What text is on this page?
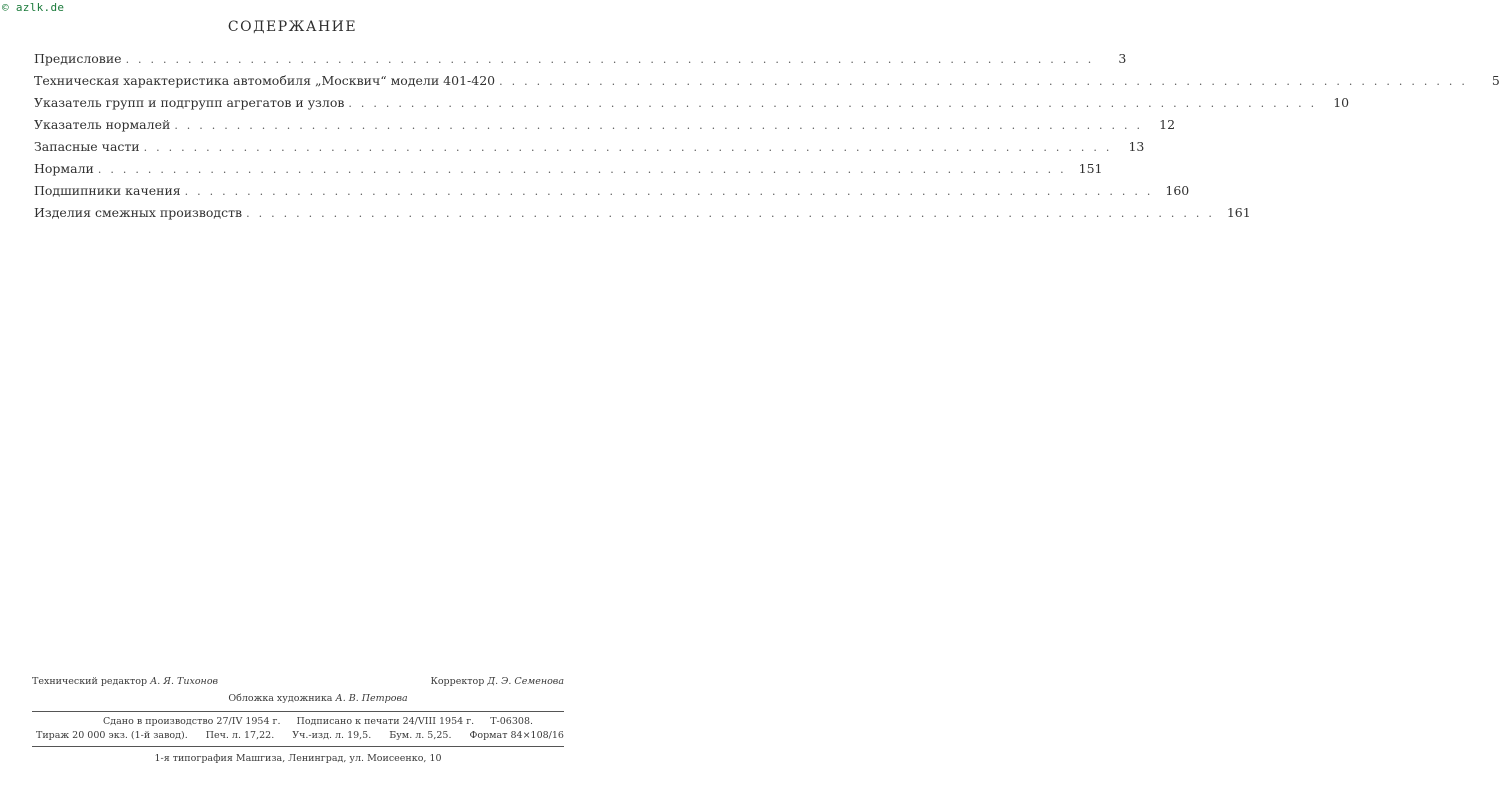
© azlk.de
СОДЕРЖАНИЕ
Предисловие ..............................................................................	3
Техническая характеристика автомобиля „Москвич“ модели 401-420 ..............................................................................	5
Указатель групп и подгрупп агрегатов и узлов .............................................................................. 10
Указатель нормалей .............................................................................. 12
Запасные части .............................................................................. 13
Нормали .............................................................................. 151
Подшипники качения .............................................................................. 160
Изделия смежных производств .............................................................................. 161
Технический редактор А. Я. Тихонов	Корректор Д. Э. Семенова
Обложка художника А. В. Петрова
Сдано в производство 27/IV 1954 г. Подписано к печати 24/VIII 1954 г. Т-06308.
Тираж 20 000 экз. (1-й завод). Печ. л. 17,22. Уч.-изд. л. 19,5. Бум. л. 5,25. Формат 84×108/16
1-я типография Машгиза, Ленинград, ул. Моисеенко, 10
